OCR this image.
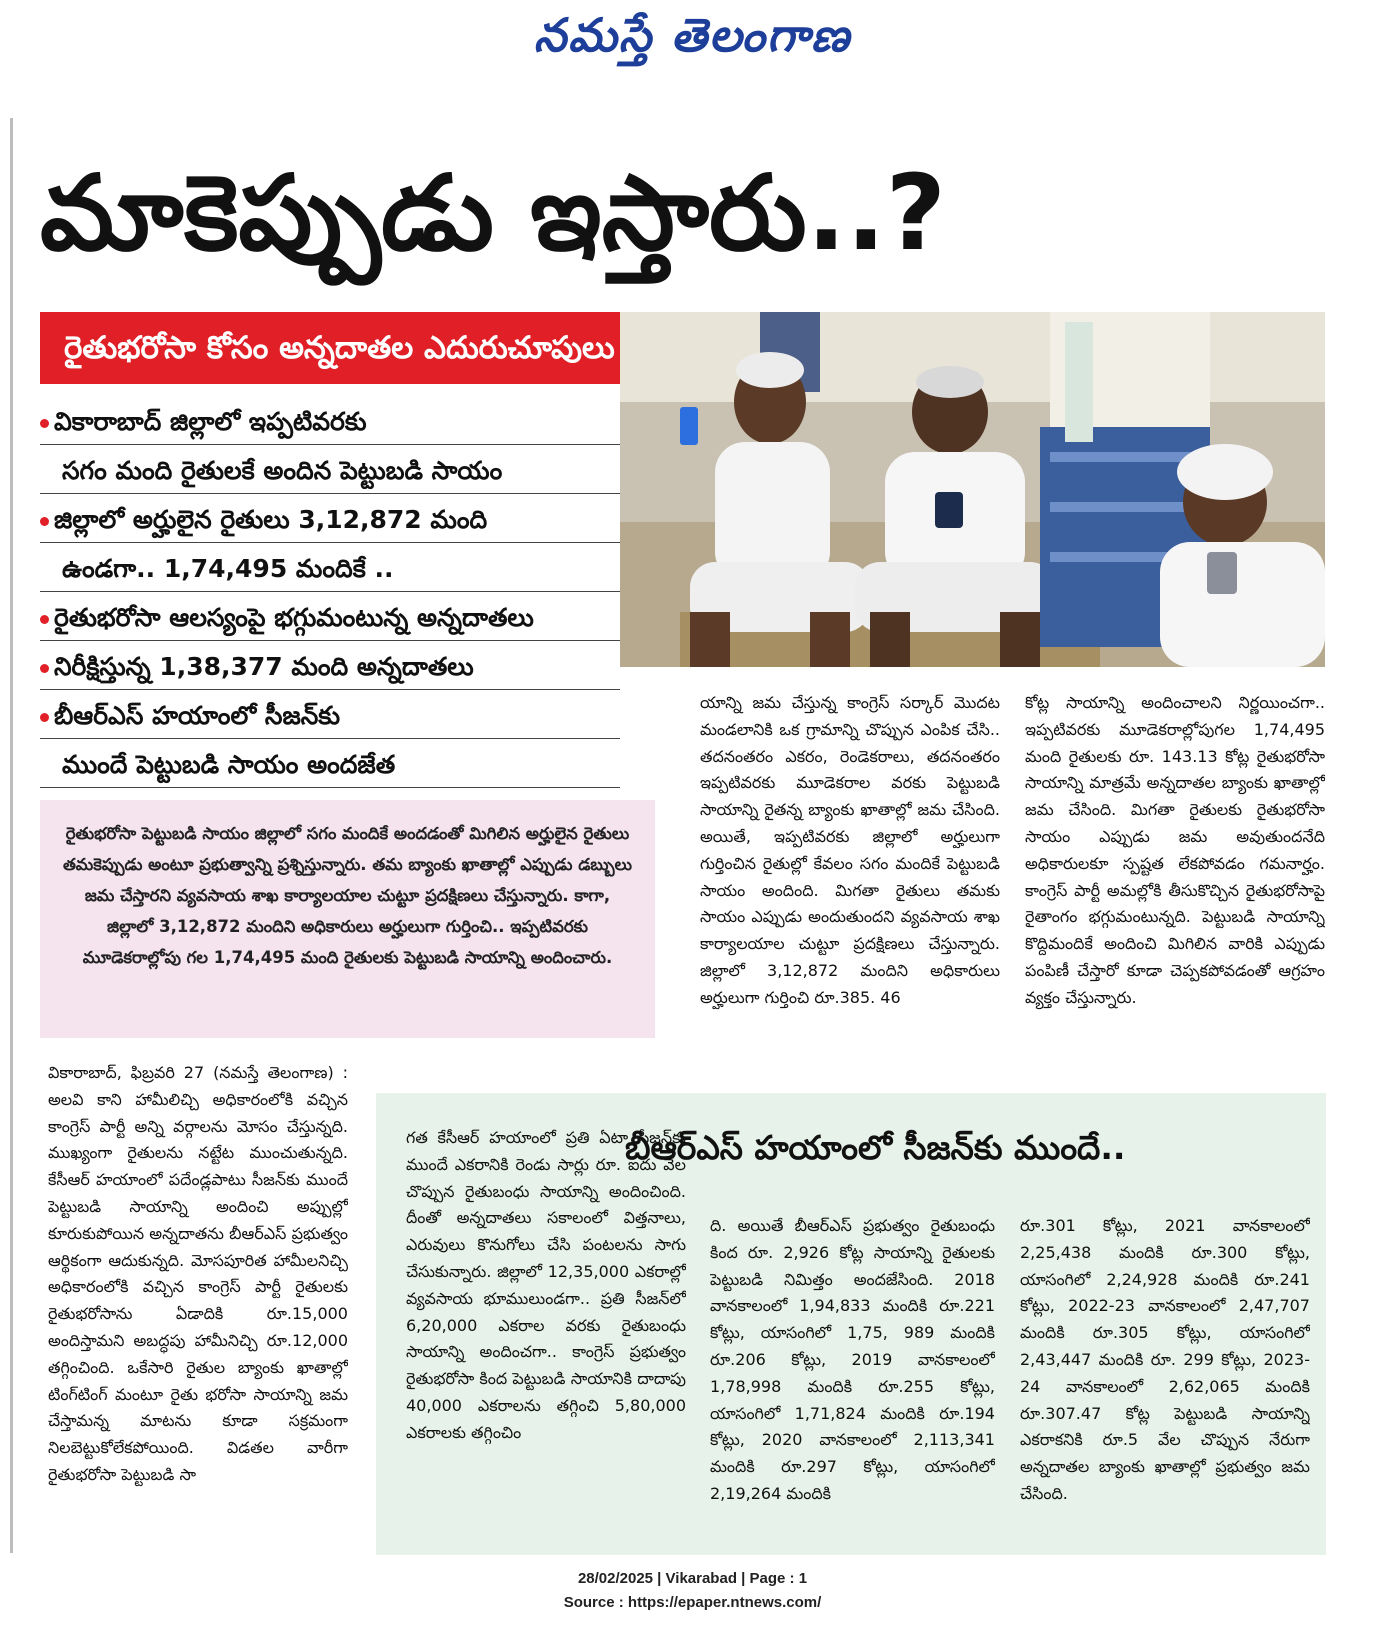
నమస్తే తెలంగాణ
మాకెప్పుడు ఇస్తారు..?
రైతుభరోసా కోసం అన్నదాతల ఎదురుచూపులు
వికారాబాద్ జిల్లాలో ఇప్పటివరకు
సగం మంది రైతులకే అందిన పెట్టుబడి సాయం
జిల్లాలో అర్హులైన రైతులు 3,12,872 మంది
ఉండగా.. 1,74,495 మందికే ..
రైతుభరోసా ఆలస్యంపై భగ్గుమంటున్న అన్నదాతలు
నిరీక్షిస్తున్న 1,38,377 మంది అన్నదాతలు
బీఆర్ఎస్ హయాంలో సీజన్‌కు
ముందే పెట్టుబడి సాయం అందజేత
రైతుభరోసా పెట్టుబడి సాయం జిల్లాలో సగం మందికే అందడంతో మిగిలిన అర్హులైన రైతులు తమకెప్పుడు అంటూ ప్రభుత్వాన్ని ప్రశ్నిస్తున్నారు. తమ బ్యాంకు ఖాతాల్లో ఎప్పుడు డబ్బులు జమ చేస్తారని వ్యవసాయ శాఖ కార్యాలయాల చుట్టూ ప్రదక్షిణలు చేస్తున్నారు. కాగా, జిల్లాలో 3,12,872 మందిని అధికారులు అర్హులుగా గుర్తించి.. ఇప్పటివరకు మూడెకరాల్లోపు గల 1,74,495 మంది రైతులకు పెట్టుబడి సాయాన్ని అందించారు.

యాన్ని జమ చేస్తున్న కాంగ్రెస్ సర్కార్ మొదట మండలానికి ఒక గ్రామాన్ని చొప్పున ఎంపిక చేసి.. తదనంతరం ఎకరం, రెండెకరాలు, తదనంతరం ఇప్పటివరకు మూడెకరాల వరకు పెట్టుబడి సాయాన్ని రైతన్న బ్యాంకు ఖాతాల్లో జమ చేసింది. అయితే, ఇప్పటివరకు జిల్లాలో అర్హులుగా గుర్తించిన రైతుల్లో కేవలం సగం మందికే పెట్టుబడి సాయం అందింది. మిగతా రైతులు తమకు సాయం ఎప్పుడు అందుతుందని వ్యవసాయ శాఖ కార్యాలయాల చుట్టూ ప్రదక్షిణలు చేస్తున్నారు. జిల్లాలో 3,12,872 మందిని అధికారులు అర్హులుగా గుర్తించి రూ.385. 46

కోట్ల సాయాన్ని అందించాలని నిర్ణయించగా.. ఇప్పటివరకు మూడెకరాల్లోపుగల 1,74,495 మంది రైతులకు రూ. 143.13 కోట్ల రైతుభరోసా సాయాన్ని మాత్రమే అన్నదాతల బ్యాంకు ఖాతాల్లో జమ చేసింది. మిగతా రైతులకు రైతుభరోసా సాయం ఎప్పుడు జమ అవుతుందనేది అధికారులకూ స్పష్టత లేకపోవడం గమనార్హం. కాంగ్రెస్ పార్టీ అమల్లోకి తీసుకొచ్చిన రైతుభరోసాపై రైతాంగం భగ్గుమంటున్నది. పెట్టుబడి సాయాన్ని కొద్దిమందికే అందించి మిగిలిన వారికి ఎప్పుడు పంపిణీ చేస్తారో కూడా చెప్పకపోవడంతో ఆగ్రహం వ్యక్తం చేస్తున్నారు.

వికారాబాద్, ఫిబ్రవరి 27 (నమస్తే తెలంగాణ) : అలవి కాని హామీలిచ్చి అధికారంలోకి వచ్చిన కాంగ్రెస్ పార్టీ అన్ని వర్గాలను మోసం చేస్తున్నది. ముఖ్యంగా రైతులను నట్టేట ముంచుతున్నది. కేసీఆర్ హయాంలో పదేండ్లపాటు సీజన్‌కు ముందే పెట్టుబడి సాయాన్ని అందించి అప్పుల్లో కూరుకుపోయిన అన్నదాతను బీఆర్ఎస్ ప్రభుత్వం ఆర్థికంగా ఆదుకున్నది. మోసపూరిత హామీలనిచ్చి అధికారంలోకి వచ్చిన కాంగ్రెస్ పార్టీ రైతులకు రైతుభరోసాను ఏడాదికి రూ.15,000 అందిస్తామని అబద్ధపు హామీనిచ్చి రూ.12,000 తగ్గించింది. ఒకేసారి రైతుల బ్యాంకు ఖాతాల్లో టింగ్‌టింగ్ మంటూ రైతు భరోసా సాయాన్ని జమ చేస్తామన్న మాటను కూడా సక్రమంగా నిలబెట్టుకోలేకపోయింది. విడతల వారీగా రైతుభరోసా పెట్టుబడి సా

బీఆర్ఎస్ హయాంలో సీజన్‌కు ముందే..

గత కేసీఆర్ హయాంలో ప్రతి ఏటా సీజన్‌కు ముందే ఎకరానికి రెండు సార్లు రూ. ఐదు వేల చొప్పున రైతుబంధు సాయాన్ని అందించింది. దీంతో అన్నదాతలు సకాలంలో విత్తనాలు, ఎరువులు కొనుగోలు చేసి పంటలను సాగు చేసుకున్నారు. జిల్లాలో 12,35,000 ఎకరాల్లో వ్యవసాయ భూములుండగా.. ప్రతి సీజన్‌లో 6,20,000 ఎకరాల వరకు రైతుబంధు సాయాన్ని అందించగా.. కాంగ్రెస్ ప్రభుత్వం రైతుభరోసా కింద పెట్టుబడి సాయానికి దాదాపు 40,000 ఎకరాలను తగ్గించి 5,80,000 ఎకరాలకు తగ్గించిం

ది. అయితే బీఆర్ఎస్ ప్రభుత్వం రైతుబంధు కింద రూ. 2,926 కోట్ల సాయాన్ని రైతులకు పెట్టుబడి నిమిత్తం అందజేసింది. 2018 వానకాలంలో 1,94,833 మందికి రూ.221 కోట్లు, యాసంగిలో 1,75, 989 మందికి రూ.206 కోట్లు, 2019 వానకాలంలో 1,78,998 మందికి రూ.255 కోట్లు, యాసంగిలో 1,71,824 మందికి రూ.194 కోట్లు, 2020 వానకాలంలో 2,113,341 మందికి రూ.297 కోట్లు, యాసంగిలో 2,19,264 మందికి

రూ.301 కోట్లు, 2021 వానకాలంలో 2,25,438 మందికి రూ.300 కోట్లు, యాసంగిలో 2,24,928 మందికి రూ.241 కోట్లు, 2022-23 వానకాలంలో 2,47,707 మందికి రూ.305 కోట్లు, యాసంగిలో 2,43,447 మందికి రూ. 299 కోట్లు, 2023-24 వానకాలంలో 2,62,065 మందికి రూ.307.47 కోట్ల పెట్టుబడి సాయాన్ని ఎకరాకనికి రూ.5 వేల చొప్పున నేరుగా అన్నదాతల బ్యాంకు ఖాతాల్లో ప్రభుత్వం జమ చేసింది.

28/02/2025 | Vikarabad | Page : 1
Source : https://epaper.ntnews.com/
